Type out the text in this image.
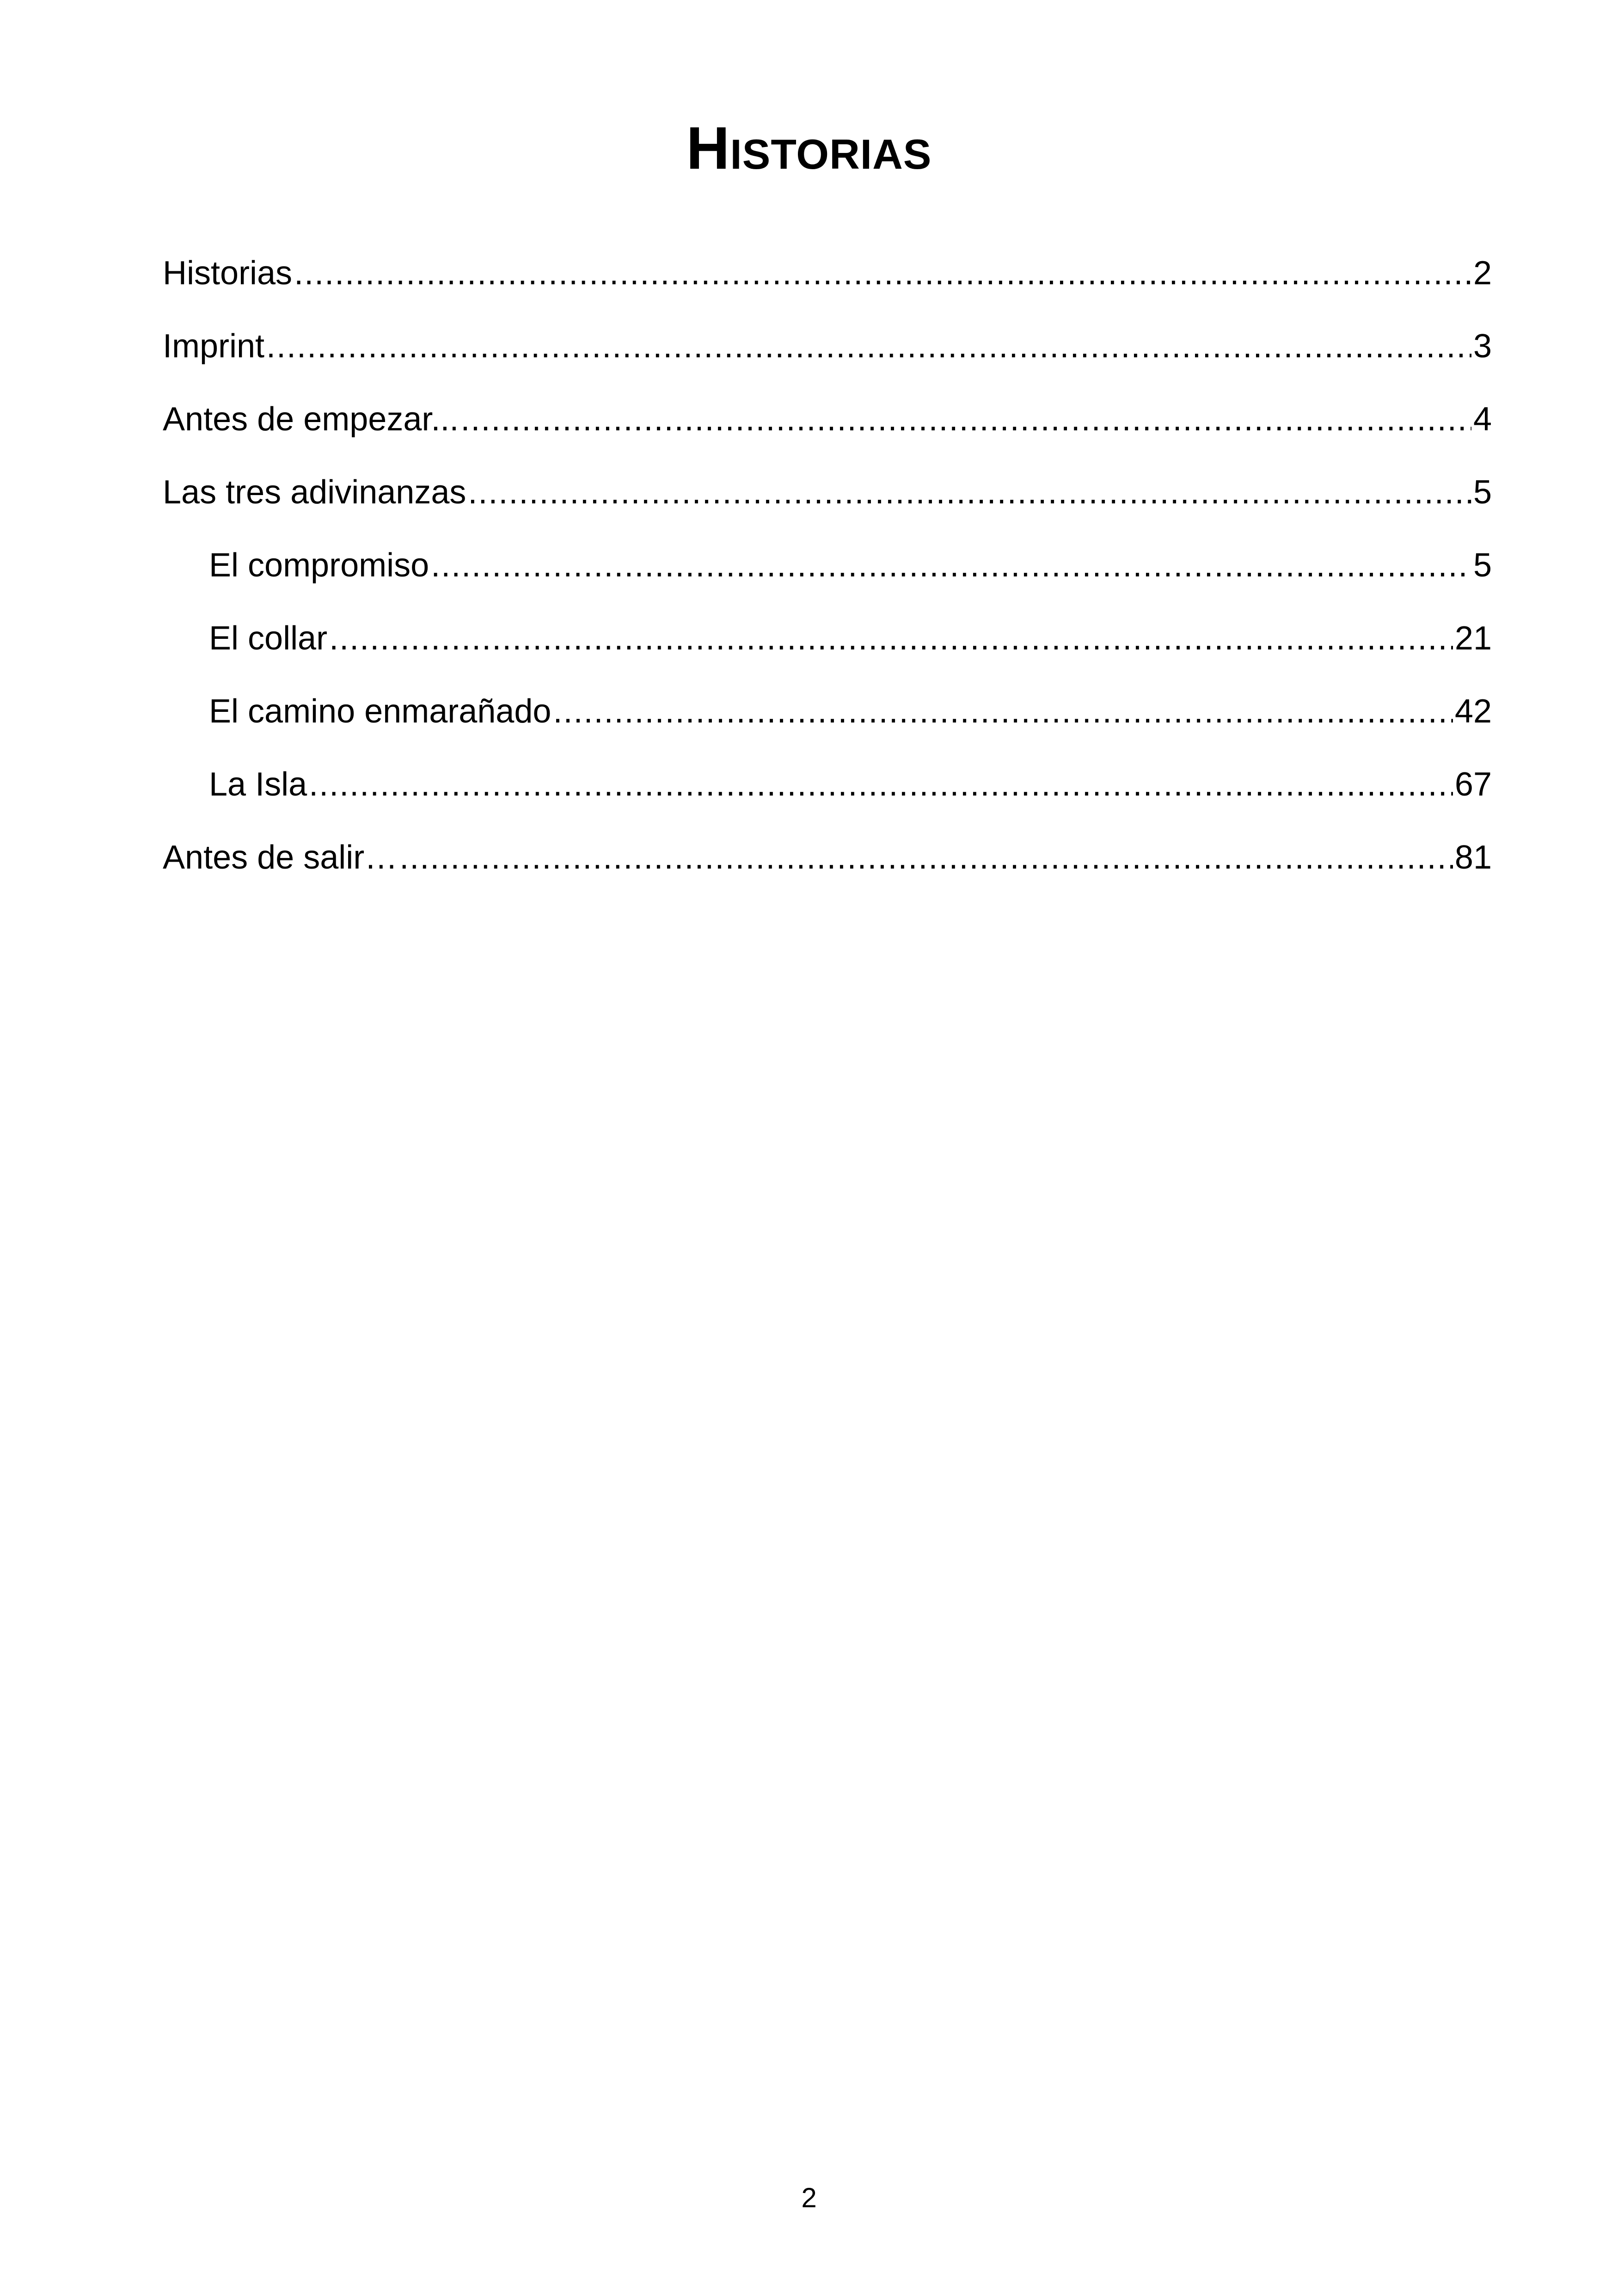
Historias
Historias .....	2
Imprint .....	3
Antes de empezar... .....	4
Las tres adivinanzas .....	5
El compromiso .....	5
El collar .....	21
El camino enmarañado .....	42
La Isla .....	67
Antes de salir… .....	81
2
